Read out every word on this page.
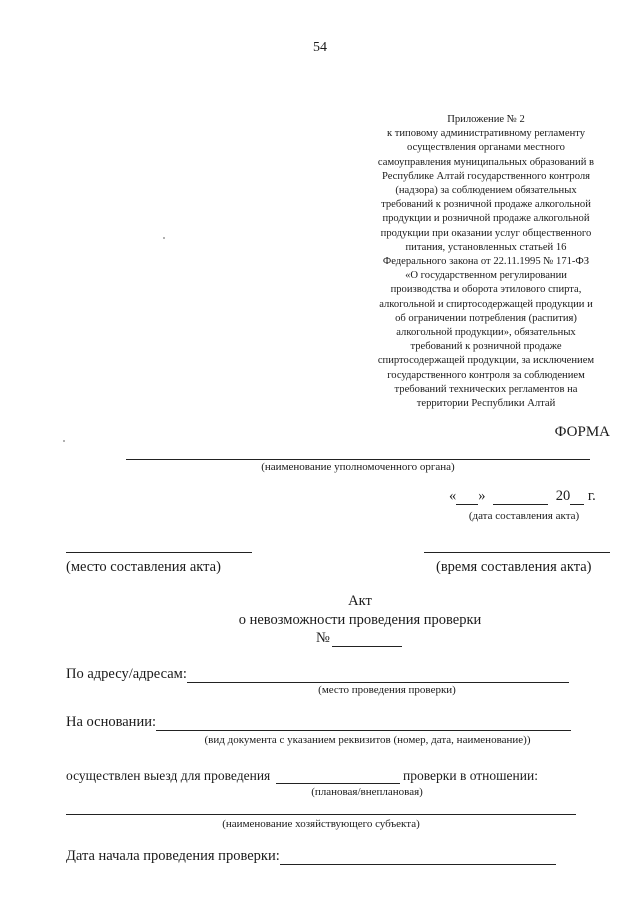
54
Приложение № 2
к типовому административному регламенту
осуществления органами местного
самоуправления муниципальных образований в
Республике Алтай государственного контроля
(надзора) за соблюдением обязательных
требований к розничной продаже алкогольной
продукции и розничной продаже алкогольной
продукции при оказании услуг общественного
питания, установленных статьей 16
Федерального закона от 22.11.1995 № 171-ФЗ
«О государственном регулировании
производства и оборота этилового спирта,
алкогольной и спиртосодержащей продукции и
об ограничении потребления (распития)
алкогольной продукции», обязательных
требований к розничной продаже
спиртосодержащей продукции, за исключением
государственного контроля за соблюдением
требований технических регламентов на
территории Республики Алтай
ФОРМА
(наименование уполномоченного органа)
« »	20 г.
(дата составления акта)
(место составления акта)	(время составления акта)
Акт
о невозможности проведения проверки
№
По адресу/адресам:
(место проведения проверки)
На основании:
(вид документа с указанием реквизитов (номер, дата, наименование))
осуществлен выезд для проведения	проверки в отношении:
(плановая/внеплановая)
(наименование хозяйствующего субъекта)
Дата начала проведения проверки:
